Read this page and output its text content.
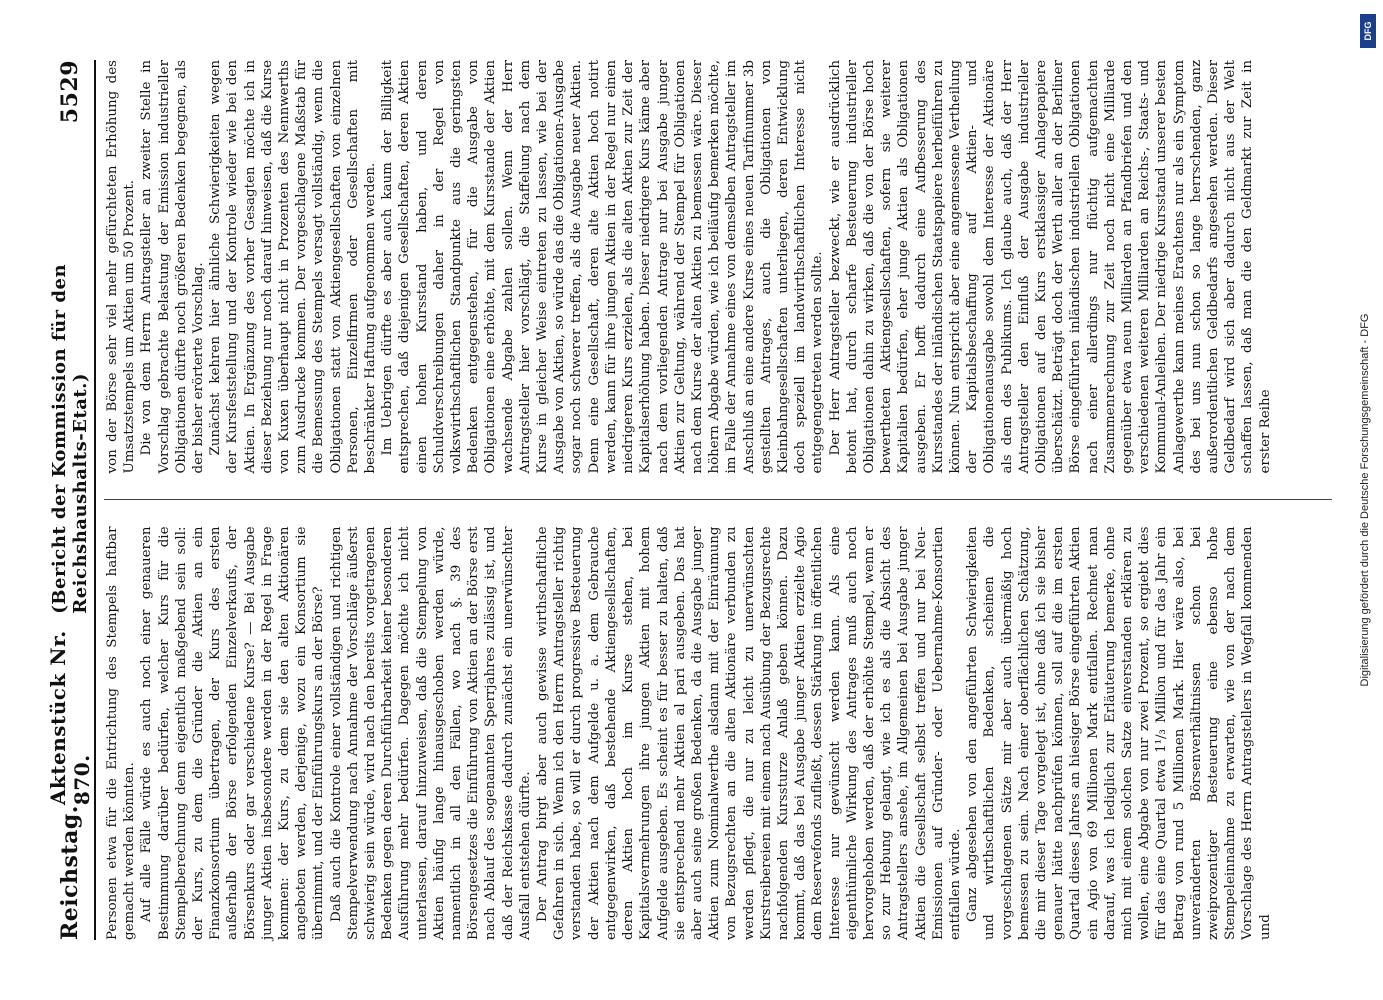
Reichstag.
Aktenstück Nr. 870.
(Bericht der Kommission für den Reichshaushalts-Etat.)
5529

Personen etwa für die Entrichtung des Stempels haftbar gemacht werden könnten. Auf alle Fälle würde es auch noch einer genaueren Bestimmung darüber bedürfen, welcher Kurs für die Stempelberechnung denn eigentlich maßgebend sein soll: der Kurs, zu dem die Gründer die Aktien an ein Finanzkonsortium übertragen, der Kurs des ersten außerhalb der Börse erfolgenden Einzelverkaufs, der Börsenkurs oder gar verschiedene Kurse? — Bei Ausgabe junger Aktien insbesondere werden in der Regel in Frage kommen: der Kurs, zu dem sie den alten Aktionären angeboten werden, derjenige, wozu ein Konsortium sie übernimmt, und der Einführungskurs an der Börse? Daß auch die Kontrole einer vollständigen und richtigen Stempelverwendung nach Annahme der Vorschläge äußerst schwierig sein würde, wird nach den bereits vorgetragenen Bedenken gegen deren Durchführbarkeit keiner besonderen Ausführung mehr bedürfen. Dagegen möchte ich nicht unterlassen, darauf hinzuweisen, daß die Stempelung von Aktien häufig lange hinausgeschoben werden würde, namentlich in all den Fällen, wo nach §. 39 des Börsengesetzes die Einführung von Aktien an der Börse erst nach Ablauf des sogenannten Sperrjahres zulässig ist, und daß der Reichskasse dadurch zunächst ein unerwünschter Ausfall entstehen dürfte. Der Antrag birgt aber auch gewisse wirthschaftliche Gefahren in sich. Wenn ich den Herrn Antragsteller richtig verstanden habe, so will er durch progressive Besteuerung der Aktien nach dem Aufgelde u. a. dem Gebrauche entgegenwirken, daß bestehende Aktiengesellschaften, deren Aktien hoch im Kurse stehen, bei Kapitalsvermehrungen ihre jungen Aktien mit hohem Aufgelde ausgeben. Es scheint es für besser zu halten, daß sie entsprechend mehr Aktien al pari ausgeben. Das hat aber auch seine großen Bedenken, da die Ausgabe junger Aktien zum Nominalwerthe alsdann mit der Einräumung von Bezugsrechten an die alten Aktionäre verbunden zu werden pflegt, die nur zu leicht zu unerwünschten Kurstreibereien mit einem nach Ausübung der Bezugsrechte nachfolgenden Kurssturze Anlaß geben können. Dazu kommt, daß das bei Ausgabe junger Aktien erzielte Agio dem Reservefonds zufließt, dessen Stärkung im öffentlichen Interesse nur gewünscht werden kann. Als eine eigenthümliche Wirkung des Antrages muß auch noch hervorgehoben werden, daß der erhöhte Stempel, wenn er so zur Hebung gelangt, wie ich es als die Absicht des Antragstellers ansehe, im Allgemeinen bei Ausgabe junger Aktien die Gesellschaft selbst treffen und nur bei Neu-Emissionen auf Gründer- oder Uebernahme-Konsortien entfallen würde. Ganz abgesehen von den angeführten Schwierigkeiten und wirthschaftlichen Bedenken, scheinen die vorgeschlagenen Sätze mir aber auch übermäßig hoch bemessen zu sein. Nach einer oberflächlichen Schätzung, die mir dieser Tage vorgelegt ist, ohne daß ich sie bisher genauer hätte nachprüfen können, soll auf die im ersten Quartal dieses Jahres an hiesiger Börse eingeführten Aktien ein Agio von 69 Millionen Mark entfallen. Rechnet man darauf, was ich lediglich zur Erläuterung bemerke, ohne mich mit einem solchen Satze einverstanden erklären zu wollen, eine Abgabe von nur zwei Prozent, so ergiebt dies für das eine Quartal etwa 1¹/₃ Million und für das Jahr ein Betrag von rund 5 Millionen Mark. Hier wäre also, bei unveränderten Börsenverhältnissen schon bei zweiprozentiger Besteuerung eine ebenso hohe Stempeleinnahme zu erwarten, wie von der nach dem Vorschlage des Herrn Antragstellers in Wegfall kommenden und

von der Börse sehr viel mehr gefürchteten Erhöhung des Umsatzstempels um Aktien um 50 Prozent. Die von dem Herrn Antragsteller an zweiter Stelle in Vorschlag gebrachte Belastung der Emission industrieller Obligationen dürfte noch größeren Bedenken begegnen, als der bisher erörterte Vorschlag. Zunächst kehren hier ähnliche Schwierigkeiten wegen der Kursfeststellung und der Kontrole wieder wie bei den Aktien. In Ergänzung des vorher Gesagten möchte ich in dieser Beziehung nur noch darauf hinweisen, daß die Kurse von Kuxen überhaupt nicht in Prozenten des Nennwerths zum Ausdrucke kommen. Der vorgeschlagene Maßstab für die Bemessung des Stempels versagt vollständig, wenn die Obligationen statt von Aktiengesellschaften von einzelnen Personen, Einzelfirmen oder Gesellschaften mit beschränkter Haftung aufgenommen werden. Im Uebrigen dürfte es aber auch kaum der Billigkeit entsprechen, daß diejenigen Gesellschaften, deren Aktien einen hohen Kursstand haben, und deren Schuldverschreibungen daher in der Regel von volkswirthschaftlichen Standpunkte aus die geringsten Bedenken entgegenstehen, für die Ausgabe von Obligationen eine erhöhte, mit dem Kursstande der Aktien wachsende Abgabe zahlen sollen. Wenn der Herr Antragsteller hier vorschlägt, die Staffelung nach dem Kurse in gleicher Weise eintreten zu lassen, wie bei der Ausgabe von Aktien, so würde das die Obligationen-Ausgabe sogar noch schwerer treffen, als die Ausgabe neuer Aktien. Denn eine Gesellschaft, deren alte Aktien hoch notirt werden, kann für ihre jungen Aktien in der Regel nur einen niedrigeren Kurs erzielen, als die alten Aktien zur Zeit der Kapitalserhöhung haben. Dieser niedrigere Kurs käme aber nach dem vorliegenden Antrage nur bei Ausgabe junger Aktien zur Geltung, während der Stempel für Obligationen nach dem Kurse der alten Aktien zu bemessen wäre. Dieser höhern Abgabe würden, wie ich beiläufig bemerken möchte, im Falle der Annahme eines von demselben Antragsteller im Anschluß an eine andere Kurse eines neuen Tarifnummer 3b gestellten Antrages, auch die Obligationen von Kleinbahngesellschaften unterliegen, deren Entwicklung doch speziell im landwirthschaftlichen Interesse nicht entgegengetreten werden sollte. Der Herr Antragsteller bezweckt, wie er ausdrücklich betont hat, durch scharfe Besteuerung industrieller Obligationen dahin zu wirken, daß die von der Börse hoch bewertheten Aktiengesellschaften, sofern sie weiterer Kapitalien bedürfen, eher junge Aktien als Obligationen ausgeben. Er hofft dadurch eine Aufbesserung des Kursstandes der inländischen Staatspapiere herbeiführen zu können. Nun entspricht aber eine angemessene Vertheilung der Kapitalsbeschaffung auf Aktien- und Obligationenausgabe sowohl dem Interesse der Aktionäre als dem des Publikums. Ich glaube auch, daß der Herr Antragsteller den Einfluß der Ausgabe industrieller Obligationen auf den Kurs erstklassiger Anlagepapiere überschätzt. Beträgt doch der Werth aller an der Berliner Börse eingeführten inländischen industriellen Obligationen nach einer allerdings nur flüchtig aufgemachten Zusammenrechnung zur Zeit noch nicht eine Milliarde gegenüber etwa neun Milliarden an Pfandbriefen und den verschiedenen weiteren Milliarden an Reichs-, Staats- und Kommunal-Anleihen. Der niedrige Kursstand unserer besten Anlagewerthe kann meines Erachtens nur als ein Symptom des bei uns nun schon so lange herrschenden, ganz außerordentlichen Geldbedarfs angesehen werden. Dieser Geldbedarf wird sich aber dadurch nicht aus der Welt schaffen lassen, daß man die den Geldmarkt zur Zeit in erster Reihe	Digitalisierung gefördert durch die Deutsche Forschungsgemeinschaft - DFG
DFG
